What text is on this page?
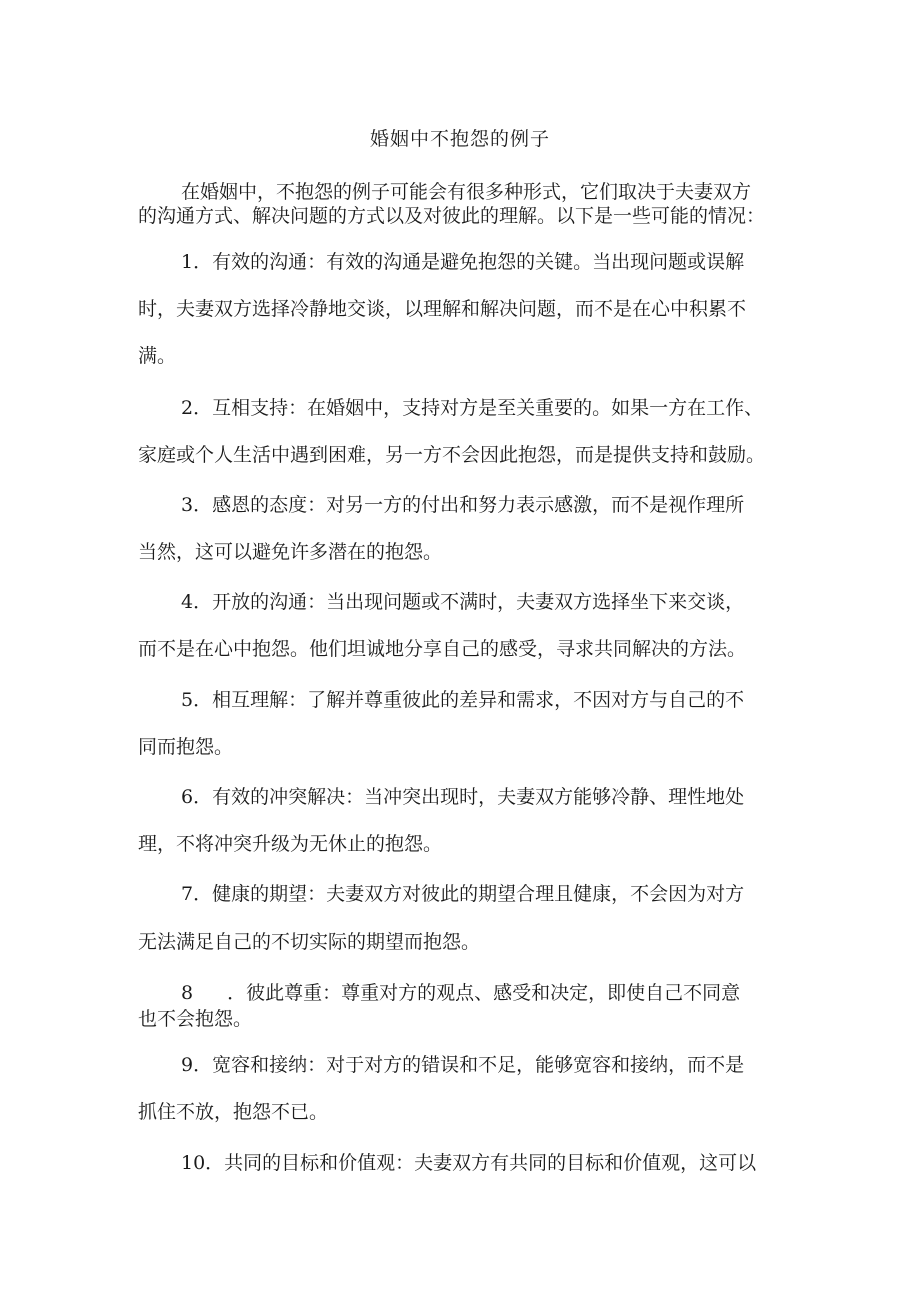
婚姻中不抱怨的例子
在婚姻中，不抱怨的例子可能会有很多种形式，它们取决于夫妻双方
的沟通方式、解决问题的方式以及对彼此的理解。以下是一些可能的情况：
1．有效的沟通：有效的沟通是避免抱怨的关键。当出现问题或误解
时，夫妻双方选择冷静地交谈，以理解和解决问题，而不是在心中积累不
满。
2．互相支持：在婚姻中，支持对方是至关重要的。如果一方在工作、
家庭或个人生活中遇到困难，另一方不会因此抱怨，而是提供支持和鼓励。
3．感恩的态度：对另一方的付出和努力表示感激，而不是视作理所
当然，这可以避免许多潜在的抱怨。
4．开放的沟通：当出现问题或不满时，夫妻双方选择坐下来交谈，
而不是在心中抱怨。他们坦诚地分享自己的感受，寻求共同解决的方法。
5．相互理解：了解并尊重彼此的差异和需求，不因对方与自己的不
同而抱怨。
6．有效的冲突解决：当冲突出现时，夫妻双方能够冷静、理性地处
理，不将冲突升级为无休止的抱怨。
7．健康的期望：夫妻双方对彼此的期望合理且健康，不会因为对方
无法满足自己的不切实际的期望而抱怨。
8 ．彼此尊重：尊重对方的观点、感受和决定，即使自己不同意
也不会抱怨。
9．宽容和接纳：对于对方的错误和不足，能够宽容和接纳，而不是
抓住不放，抱怨不已。
10．共同的目标和价值观：夫妻双方有共同的目标和价值观，这可以
